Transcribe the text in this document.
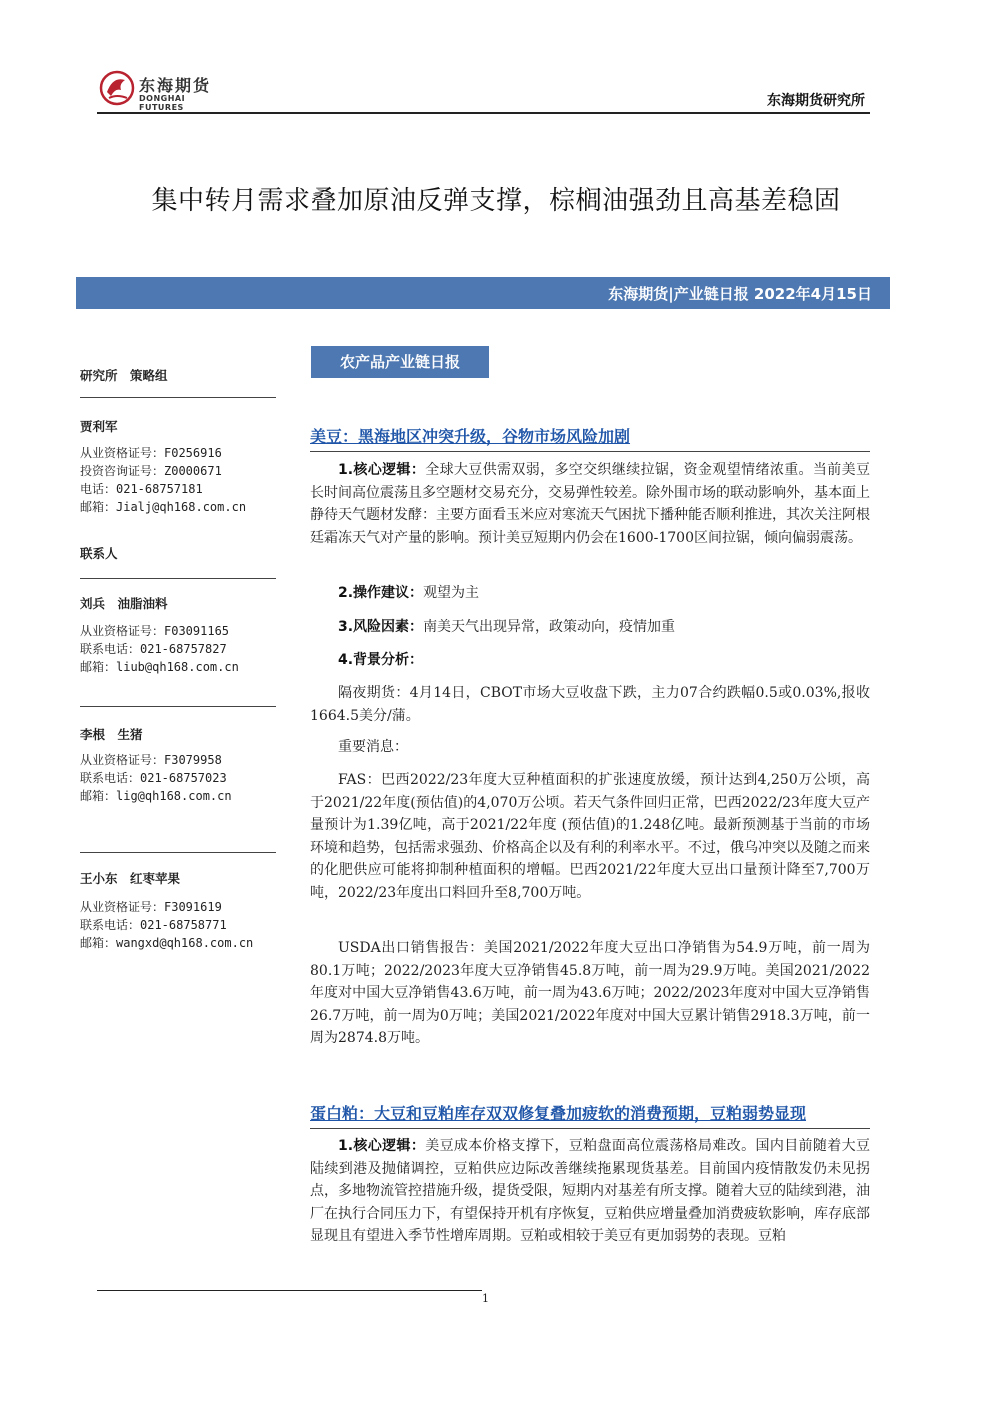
东海期货
DONGHAI FUTURES	东海期货研究所
集中转月需求叠加原油反弹支撑，棕榈油强劲且高基差稳固
东海期货|产业链日报 2022年4月15日
研究所　策略组
贾利军
从业资格证号：F0256916
投资咨询证号：Z0000671
电话：021-68757181
邮箱：Jialj@qh168.com.cn
联系人
刘兵　油脂油料
从业资格证号：F03091165
联系电话：021-68757827
邮箱：liub@qh168.com.cn
李根　生猪
从业资格证号：F3079958
联系电话：021-68757023
邮箱：lig@qh168.com.cn
王小东　红枣苹果
从业资格证号：F3091619
联系电话：021-68758771
邮箱：wangxd@qh168.com.cn
农产品产业链日报
美豆：黑海地区冲突升级，谷物市场风险加剧
1.核心逻辑：全球大豆供需双弱，多空交织继续拉锯，资金观望情绪浓重。当前美豆长时间高位震荡且多空题材交易充分，交易弹性较差。除外围市场的联动影响外，基本面上静待天气题材发酵：主要方面看玉米应对寒流天气困扰下播种能否顺利推进，其次关注阿根廷霜冻天气对产量的影响。预计美豆短期内仍会在1600-1700区间拉锯，倾向偏弱震荡。
2.操作建议：观望为主
3.风险因素：南美天气出现异常，政策动向，疫情加重
4.背景分析：
隔夜期货：4月14日，CBOT市场大豆收盘下跌，主力07合约跌幅0.5或0.03%,报收1664.5美分/蒲。
重要消息：
FAS：巴西2022/23年度大豆种植面积的扩张速度放缓，预计达到4,250万公顷，高于2021/22年度(预估值)的4,070万公顷。若天气条件回归正常，巴西2022/23年度大豆产量预计为1.39亿吨，高于2021/22年度 (预估值)的1.248亿吨。最新预测基于当前的市场环境和趋势，包括需求强劲、价格高企以及有利的利率水平。不过，俄乌冲突以及随之而来的化肥供应可能将抑制种植面积的增幅。巴西2021/22年度大豆出口量预计降至7,700万吨，2022/23年度出口料回升至8,700万吨。
USDA出口销售报告：美国2021/2022年度大豆出口净销售为54.9万吨，前一周为80.1万吨；2022/2023年度大豆净销售45.8万吨，前一周为29.9万吨。美国2021/2022年度对中国大豆净销售43.6万吨，前一周为43.6万吨；2022/2023年度对中国大豆净销售26.7万吨，前一周为0万吨；美国2021/2022年度对中国大豆累计销售2918.3万吨，前一周为2874.8万吨。
蛋白粕：大豆和豆粕库存双双修复叠加疲软的消费预期，豆粕弱势显现
1.核心逻辑：美豆成本价格支撑下，豆粕盘面高位震荡格局难改。国内目前随着大豆陆续到港及抛储调控，豆粕供应边际改善继续拖累现货基差。目前国内疫情散发仍未见拐点，多地物流管控措施升级，提货受限，短期内对基差有所支撑。随着大豆的陆续到港，油厂在执行合同压力下，有望保持开机有序恢复，豆粕供应增量叠加消费疲软影响，库存底部显现且有望进入季节性增库周期。豆粕或相较于美豆有更加弱势的表现。豆粕
1
